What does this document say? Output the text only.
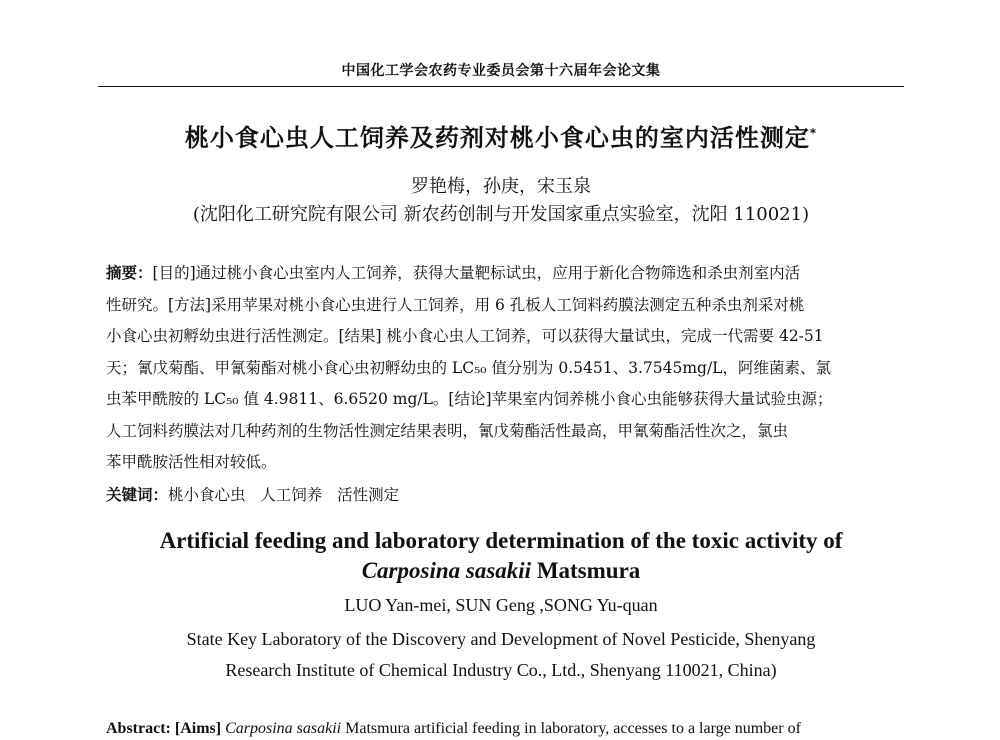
中国化工学会农药专业委员会第十六届年会论文集
桃小食心虫人工饲养及药剂对桃小食心虫的室内活性测定*
罗艳梅，孙庚，宋玉泉
(沈阳化工研究院有限公司 新农药创制与开发国家重点实验室，沈阳 110021)
摘要：[目的]通过桃小食心虫室内人工饲养，获得大量靶标试虫，应用于新化合物筛选和杀虫剂室内活
性研究。[方法]采用苹果对桃小食心虫进行人工饲养，用 6 孔板人工饲料药膜法测定五种杀虫剂采对桃
小食心虫初孵幼虫进行活性测定。[结果] 桃小食心虫人工饲养，可以获得大量试虫，完成一代需要 42-51
天；氰戊菊酯、甲氰菊酯对桃小食心虫初孵幼虫的 LC₅₀ 值分别为 0.5451、3.7545mg/L，阿维菌素、氯
虫苯甲酰胺的 LC₅₀ 值 4.9811、6.6520 mg/L。[结论]苹果室内饲养桃小食心虫能够获得大量试验虫源；
人工饲料药膜法对几种药剂的生物活性测定结果表明，氰戊菊酯活性最高，甲氰菊酯活性次之，氯虫
苯甲酰胺活性相对较低。
关键词：桃小食心虫   人工饲养   活性测定
Artificial feeding and laboratory determination of the toxic activity of
Carposina sasakii Matsmura
LUO Yan-mei, SUN Geng ,SONG Yu-quan
State Key Laboratory of the Discovery and Development of Novel Pesticide, Shenyang
Research Institute of Chemical Industry Co., Ltd., Shenyang 110021, China)
Abstract: [Aims] Carposina sasakii Matsmura artificial feeding in laboratory, accesses to a large number of
